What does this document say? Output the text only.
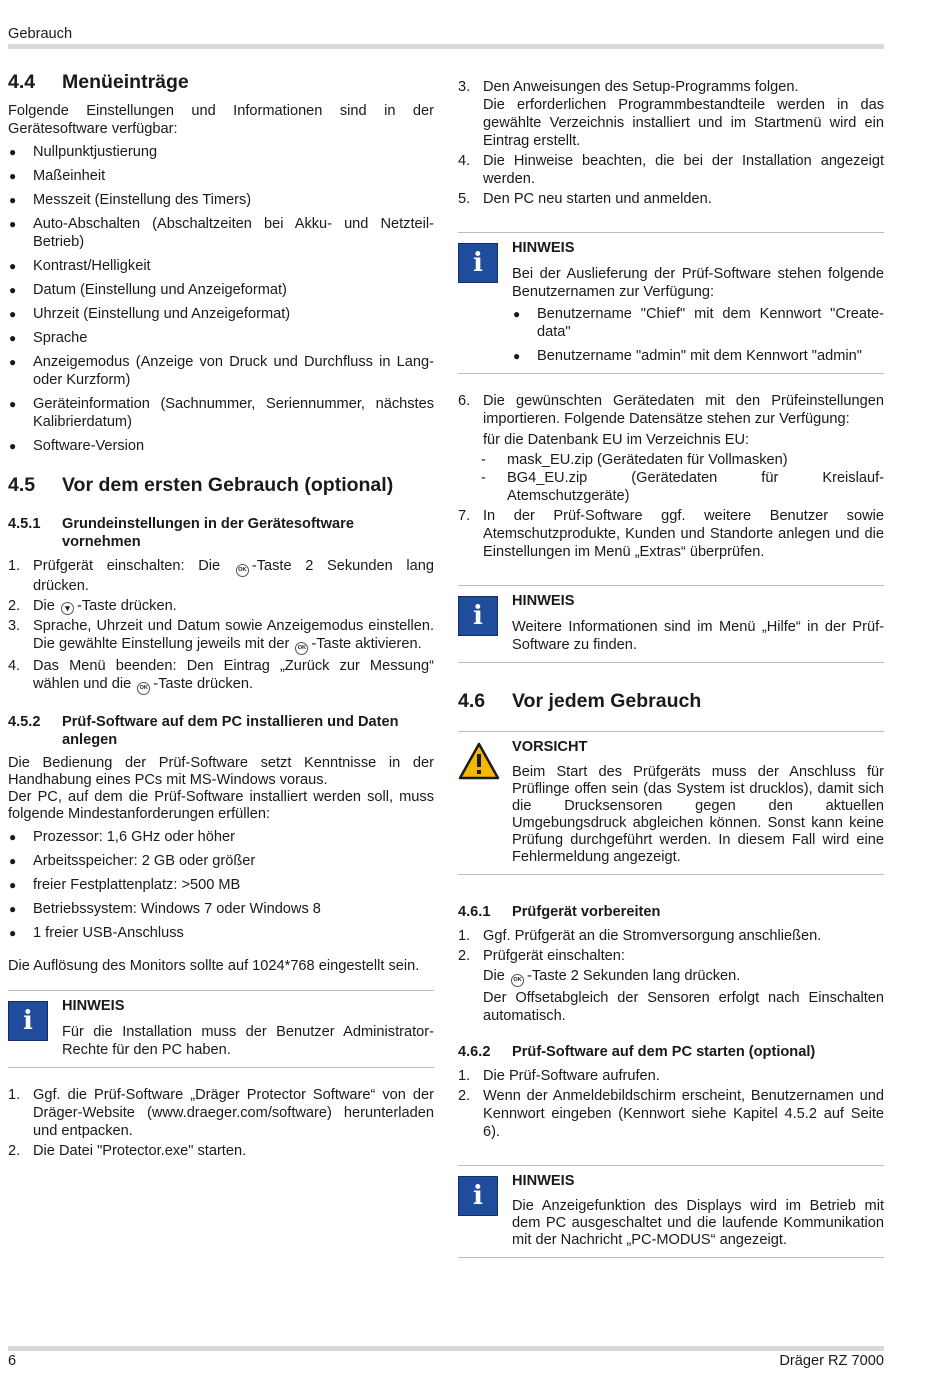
Gebrauch
4.4	Menüeinträge

Folgende Einstellungen und Informationen sind in der Gerätesoftware verfügbar:

● Nullpunktjustierung
● Maßeinheit
● Messzeit (Einstellung des Timers)
● Auto-Abschalten (Abschaltzeiten bei Akku- und Netzteil-Betrieb)
● Kontrast/Helligkeit
● Datum (Einstellung und Anzeigeformat)
● Uhrzeit (Einstellung und Anzeigeformat)
● Sprache
● Anzeigemodus (Anzeige von Druck und Durchfluss in Lang- oder Kurzform)
● Geräteinformation (Sachnummer, Seriennummer, nächstes Kalibrierdatum)
● Software-Version
4.5	Vor dem ersten Gebrauch (optional)
4.5.1	Grundeinstellungen in der Gerätesoftware vornehmen
1. Prüfgerät einschalten: Die	OK -Taste 2 Sekunden lang drücken.
2. Die ▾ -Taste drücken.
3. Sprache, Uhrzeit und Datum sowie Anzeigemodus einstellen. Die gewählte Einstellung jeweils mit der OK -Taste aktivieren.
4. Das Menü beenden: Den Eintrag „Zurück zur Messung“ wählen und die OK -Taste drücken.
4.5.2	Prüf-Software auf dem PC installieren und Daten anlegen

Die Bedienung der Prüf-Software setzt Kenntnisse in der Handhabung eines PCs mit MS-Windows voraus.

Der PC, auf dem die Prüf-Software installiert werden soll, muss folgende Mindestanforderungen erfüllen:

● Prozessor: 1,6 GHz oder höher
● Arbeitsspeicher: 2 GB oder größer
● freier Festplattenplatz: >500 MB
● Betriebssystem: Windows 7 oder Windows 8
● 1 freier USB-Anschluss

Die Auflösung des Monitors sollte auf 1024*768 eingestellt sein.

i	HINWEIS

Für die Installation muss der Benutzer Administrator-Rechte für den PC haben.

1. Ggf. die Prüf-Software „Dräger Protector Software“ von der Dräger-Website (www.draeger.com/software) herunterladen und entpacken.
2. Die Datei "Protector.exe" starten.
3. Den Anweisungen des Setup-Programms folgen.
Die erforderlichen Programmbestandteile werden in das gewählte Verzeichnis installiert und im Startmenü wird ein Eintrag erstellt.
4. Die Hinweise beachten, die bei der Installation angezeigt werden.
5. Den PC neu starten und anmelden.
i	HINWEIS

Bei der Auslieferung der Prüf-Software stehen folgende Benutzernamen zur Verfügung:

● Benutzername "Chief" mit dem Kennwort "Create-data"
● Benutzername "admin" mit dem Kennwort "admin"
6. Die gewünschten Gerätedaten mit den Prüfeinstellungen importieren. Folgende Datensätze stehen zur Verfügung:
für die Datenbank EU im Verzeichnis EU:
-	mask_EU.zip (Gerätedaten für Vollmasken)
-	BG4_EU.zip (Gerätedaten für Kreislauf-Atemschutzgeräte)
7. In der Prüf-Software ggf. weitere Benutzer sowie Atemschutzprodukte, Kunden und Standorte anlegen und die Einstellungen im Menü „Extras“ überprüfen.
i	HINWEIS

Weitere Informationen sind im Menü „Hilfe“ in der Prüf-Software zu finden.

4.6	Vor jedem Gebrauch
VORSICHT

Beim Start des Prüfgeräts muss der Anschluss für Prüflinge offen sein (das System ist drucklos), damit sich die Drucksensoren gegen den aktuellen Umgebungsdruck abgleichen können. Sonst kann keine Prüfung durchgeführt werden. In diesem Fall wird eine Fehlermeldung angezeigt.

4.6.1	Prüfgerät vorbereiten
1. Ggf. Prüfgerät an die Stromversorgung anschließen.
2. Prüfgerät einschalten:
Die OK -Taste 2 Sekunden lang drücken.
Der Offsetabgleich der Sensoren erfolgt nach Einschalten automatisch.
4.6.2	Prüf-Software auf dem PC starten (optional)
1. Die Prüf-Software aufrufen.
2. Wenn der Anmeldebildschirm erscheint, Benutzernamen und Kennwort eingeben (Kennwort siehe Kapitel 4.5.2 auf Seite 6).
i	HINWEIS

Die Anzeigefunktion des Displays wird im Betrieb mit dem PC ausgeschaltet und die laufende Kommunikation mit der Nachricht „PC-MODUS“ angezeigt.

6	Dräger RZ 7000
